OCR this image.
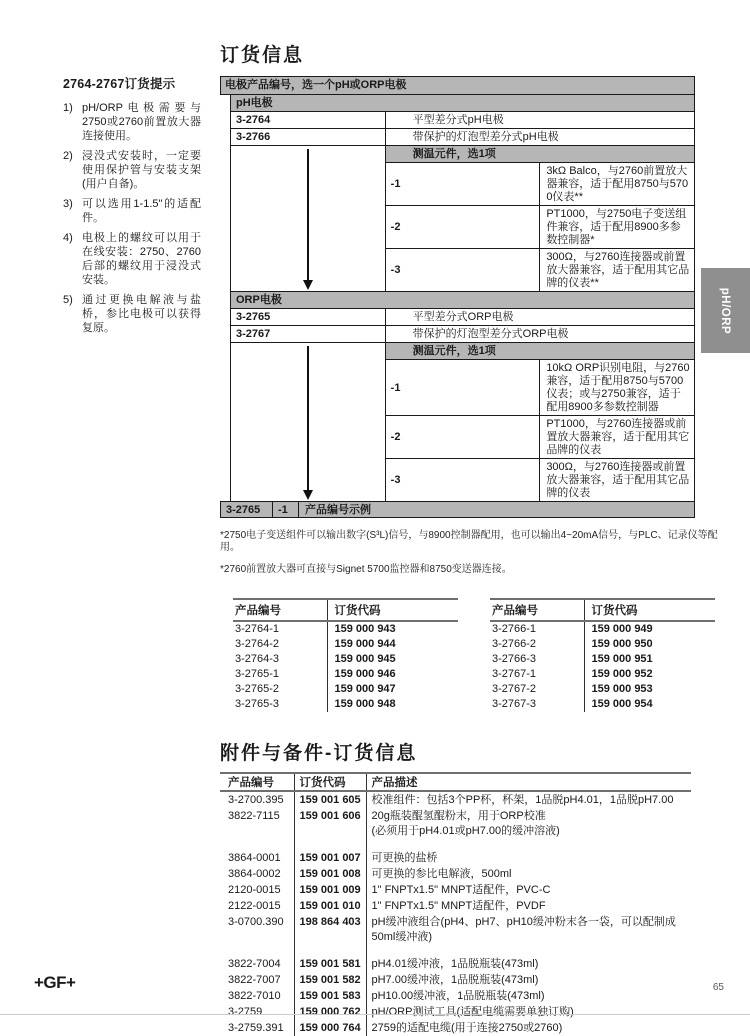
2764-2767订货提示
1) pH/ORP电极需要与2750或2760前置放大器连接使用。
2) 浸没式安装时，一定要使用保护管与安装支架(用户自备)。
3) 可以选用1-1.5"的适配件。
4) 电极上的螺纹可以用于在线安装：2750、2760后部的螺纹用于浸没式安装。
5) 通过更换电解液与盐桥，参比电极可以获得复原。
订货信息
电极产品编号，选一个pH或ORP电极
pH电极		
3-2764	平型差分式pH电极	
3-2766	带保护的灯泡型差分式pH电极	

	测温元件，选1项	
	-1	3kΩ Balco，与2760前置放大器兼容，适于配用8750与5700仪表**
	-2	PT1000，与2750电子变送组件兼容，适于配用8900多参数控制器*
	-3	300Ω，与2760连接器或前置放大器兼容，适于配用其它品牌的仪表**
ORP电极		
3-2765	平型差分式ORP电极	
3-2767	带保护的灯泡型差分式ORP电极	

	测温元件，选1项	
	-1	10kΩ ORP识别电阻，与2760兼容，适于配用8750与5700仪表；或与2750兼容，适于配用8900多参数控制器
	-2	PT1000，与2760连接器或前置放大器兼容，适于配用其它品牌的仪表
	-3	300Ω，与2760连接器或前置放大器兼容，适于配用其它品牌的仪表
3-2765	-1	产品编号示例
*2750电子变送组件可以输出数字(S³L)信号，与8900控制器配用，也可以输出4~20mA信号，与PLC、记录仪等配用。
*2760前置放大器可直接与Signet 5700监控器和8750变送器连接。
产品编号	订货代码
3-2764-1	159 000 943
3-2764-2	159 000 944
3-2764-3	159 000 945
3-2765-1	159 000 946
3-2765-2	159 000 947
3-2765-3	159 000 948
产品编号	订货代码
3-2766-1	159 000 949
3-2766-2	159 000 950
3-2766-3	159 000 951
3-2767-1	159 000 952
3-2767-2	159 000 953
3-2767-3	159 000 954
附件与备件-订货信息
产品编号	订货代码	产品描述
3-2700.395	159 001 605	校准组件：包括3个PP杯，杯架，1品脱pH4.01，1品脱pH7.00

3822-7115	159 001 606	20g瓶装醌氢醌粉末，用于ORP校准
(必须用于pH4.01或pH7.00的缓冲溶液)

3864-0001	159 001 007	可更换的盐桥

3864-0002	159 001 008	可更换的参比电解液，500ml

2120-0015	159 001 009	1" FNPTx1.5" MNPT适配件，PVC-C

2122-0015	159 001 010	1" FNPTx1.5" MNPT适配件，PVDF

3-0700.390	198 864 403	pH缓冲液组合(pH4、pH7、pH10缓冲粉末各一袋，可以配制成
50ml缓冲液)

3822-7004	159 001 581	pH4.01缓冲液，1品脱瓶装(473ml)

3822-7007	159 001 582	pH7.00缓冲液，1品脱瓶装(473ml)

3822-7010	159 001 583	pH10.00缓冲液，1品脱瓶装(473ml)

3-2759	159 000 762	pH/ORP测试工具(适配电缆需要单独订购)

3-2759.391	159 000 764	2759的适配电缆(用于连接2750或2760)
pH/ORP
+GF+	65
